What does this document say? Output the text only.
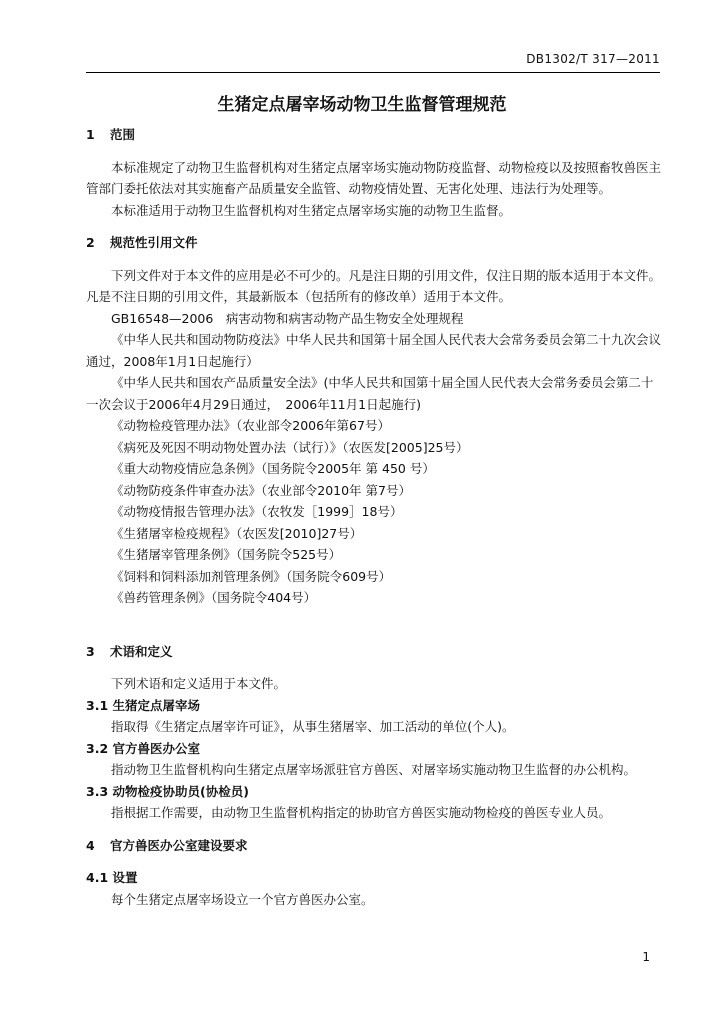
DB1302/T 317—2011
生猪定点屠宰场动物卫生监督管理规范

1 范围

本标准规定了动物卫生监督机构对生猪定点屠宰场实施动物防疫监督、动物检疫以及按照畜牧兽医主管部门委托依法对其实施畜产品质量安全监管、动物疫情处置、无害化处理、违法行为处理等。

本标准适用于动物卫生监督机构对生猪定点屠宰场实施的动物卫生监督。

2 规范性引用文件

下列文件对于本文件的应用是必不可少的。凡是注日期的引用文件，仅注日期的版本适用于本文件。凡是不注日期的引用文件，其最新版本（包括所有的修改单）适用于本文件。

GB16548—2006　病害动物和病害动物产品生物安全处理规程

《中华人民共和国动物防疫法》中华人民共和国第十届全国人民代表大会常务委员会第二十九次会议通过，2008年1月1日起施行）

《中华人民共和国农产品质量安全法》(中华人民共和国第十届全国人民代表大会常务委员会第二十一次会议于2006年4月29日通过，　2006年11月1日起施行)

《动物检疫管理办法》（农业部令2006年第67号）

《病死及死因不明动物处置办法（试行）》（农医发[2005]25号）

《重大动物疫情应急条例》（国务院令2005年 第 450 号）

《动物防疫条件审查办法》（农业部令2010年 第7号）

《动物疫情报告管理办法》（农牧发［1999］18号）

《生猪屠宰检疫规程》（农医发[2010]27号）

《生猪屠宰管理条例》（国务院令525号）

《饲料和饲料添加剂管理条例》（国务院令609号）

《兽药管理条例》（国务院令404号）

3 术语和定义

下列术语和定义适用于本文件。

3.1 生猪定点屠宰场

指取得《生猪定点屠宰许可证》，从事生猪屠宰、加工活动的单位(个人)。

3.2 官方兽医办公室

指动物卫生监督机构向生猪定点屠宰场派驻官方兽医、对屠宰场实施动物卫生监督的办公机构。

3.3 动物检疫协助员(协检员)

指根据工作需要，由动物卫生监督机构指定的协助官方兽医实施动物检疫的兽医专业人员。

4 官方兽医办公室建设要求

4.1 设置

每个生猪定点屠宰场设立一个官方兽医办公室。

1
